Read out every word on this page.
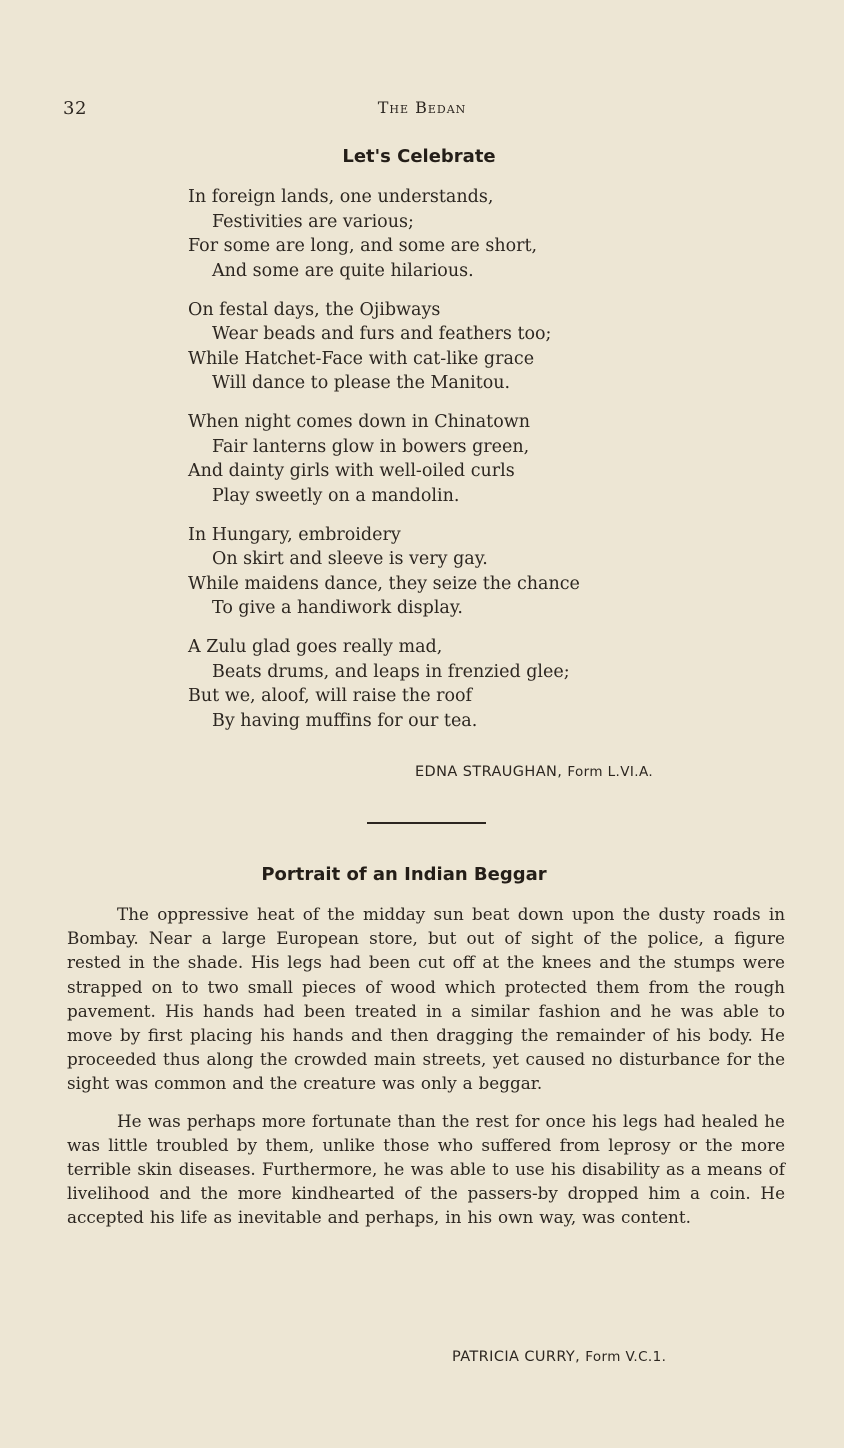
32	The Bedan
Let's Celebrate
In foreign lands, one understands,
Festivities are various;
For some are long, and some are short,
And some are quite hilarious.
On festal days, the Ojibways
Wear beads and furs and feathers too;
While Hatchet-Face with cat-like grace
Will dance to please the Manitou.
When night comes down in Chinatown
Fair lanterns glow in bowers green,
And dainty girls with well-oiled curls
Play sweetly on a mandolin.
In Hungary, embroidery
On skirt and sleeve is very gay.
While maidens dance, they seize the chance
To give a handiwork display.
A Zulu glad goes really mad,
Beats drums, and leaps in frenzied glee;
But we, aloof, will raise the roof
By having muffins for our tea.
EDNA STRAUGHAN, Form L.VI.A.
Portrait of an Indian Beggar

The oppressive heat of the midday sun beat down upon the dusty roads in Bombay. Near a large European store, but out of sight of the police, a figure rested in the shade. His legs had been cut off at the knees and the stumps were strapped on to two small pieces of wood which protected them from the rough pavement. His hands had been treated in a similar fashion and he was able to move by first placing his hands and then dragging the remainder of his body. He proceeded thus along the crowded main streets, yet caused no disturbance for the sight was common and the creature was only a beggar.

He was perhaps more fortunate than the rest for once his legs had healed he was little troubled by them, unlike those who suffered from leprosy or the more terrible skin diseases. Furthermore, he was able to use his disability as a means of livelihood and the more kindhearted of the passers-by dropped him a coin. He accepted his life as inevitable and perhaps, in his own way, was content.

PATRICIA CURRY, Form V.C.1.
